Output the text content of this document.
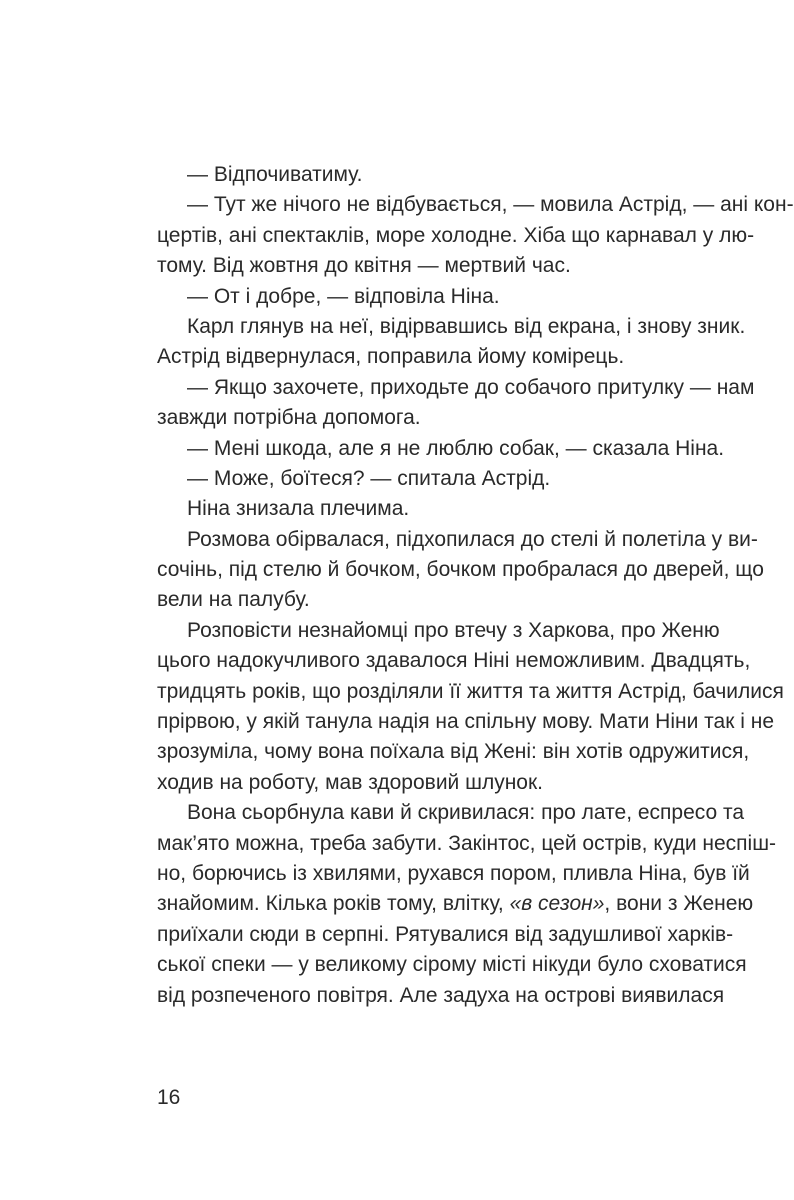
— Відпочиватиму.
— Тут же нічого не відбувається, — мовила Астрід, — ані кон-
цертів, ані спектаклів, море холодне. Хіба що карнавал у лю-
тому. Від жовтня до квітня — мертвий час.
— От і добре, — відповіла Ніна.
Карл глянув на неї, відірвавшись від екрана, і знову зник.
Астрід відвернулася, поправила йому комірець.
— Якщо захочете, приходьте до собачого притулку — нам
завжди потрібна допомога.
— Мені шкода, але я не люблю собак, — сказала Ніна.
— Може, боїтеся? — спитала Астрід.
Ніна знизала плечима.
Розмова обірвалася, підхопилася до стелі й полетіла у ви-
сочінь, під стелю й бочком, бочком пробралася до дверей, що
вели на палубу.
Розповісти незнайомці про втечу з Харкова, про Женю
цього надокучливого здавалося Ніні неможливим. Двадцять,
тридцять років, що розділяли її життя та життя Астрід, бачилися
прірвою, у якій танула надія на спільну мову. Мати Ніни так і не
зрозуміла, чому вона поїхала від Жені: він хотів одружитися,
ходив на роботу, мав здоровий шлунок.
Вона сьорбнула кави й скривилася: про лате, еспресо та
мак’ято можна, треба забути. Закінтос, цей острів, куди неспіш-
но, борючись із хвилями, рухався пором, пливла Ніна, був їй
знайомим. Кілька років тому, влітку, «в сезон», вони з Женею
приїхали сюди в серпні. Рятувалися від задушливої харків-
ської спеки — у великому сірому місті нікуди було сховатися
від розпеченого повітря. Але задуха на острові виявилася
16
